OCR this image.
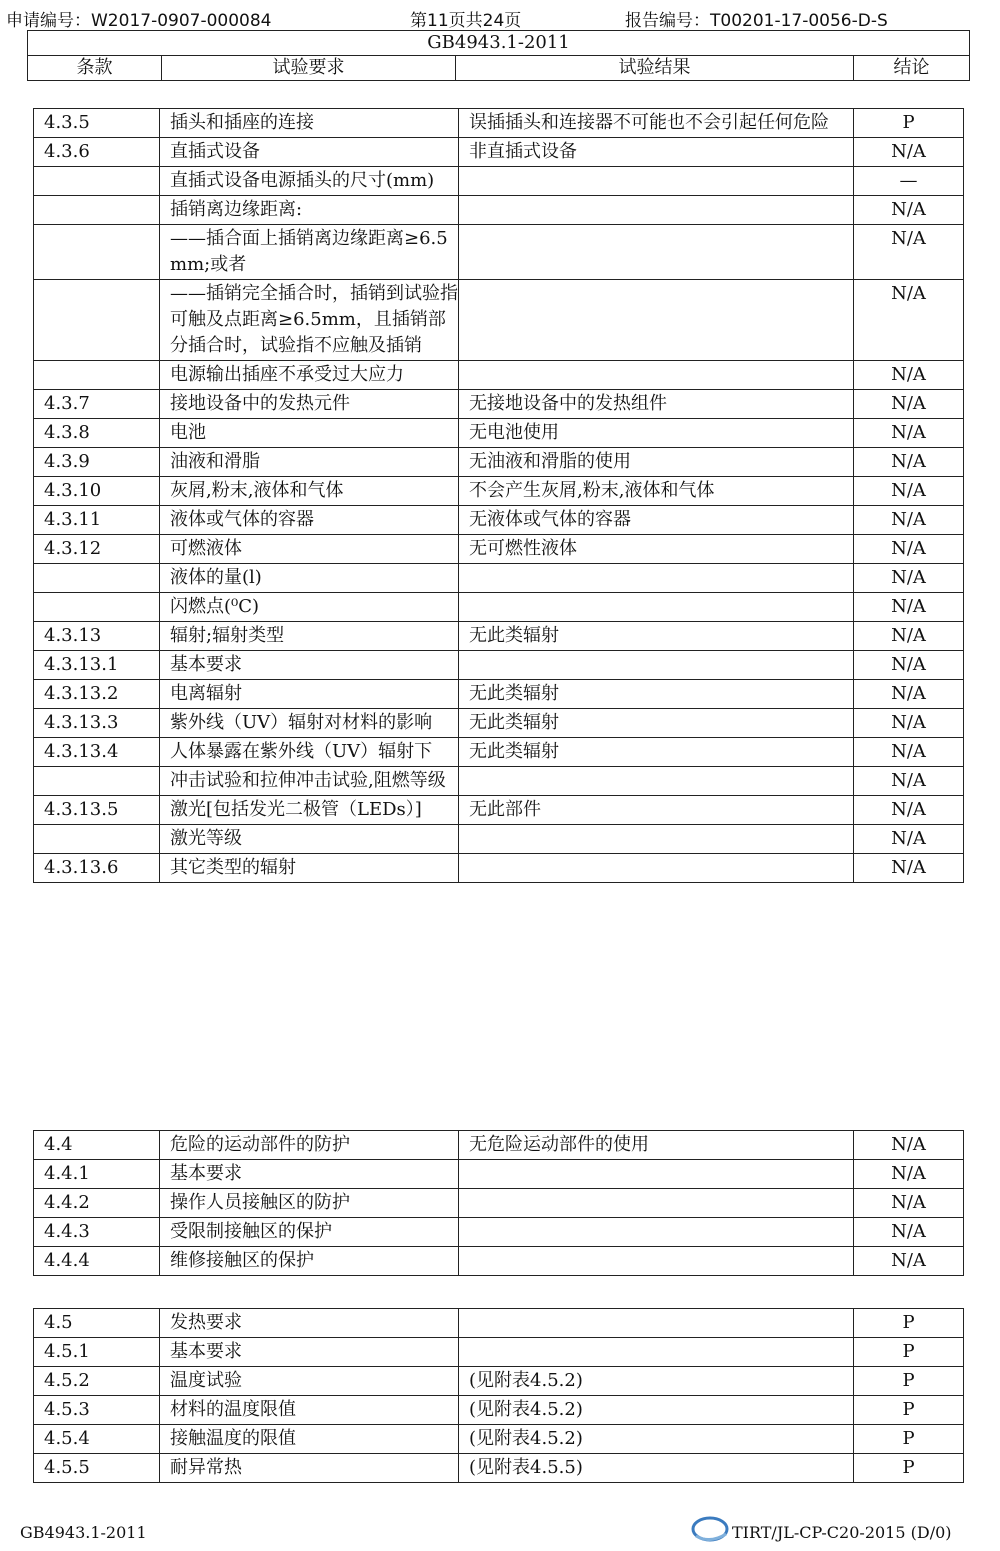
申请编号：W2017-0907-000084	第11页共24页	报告编号：T00201-17-0056-D-S
GB4943.1-2011
条款	试验要求	试验结果	结论
4.3.5	插头和插座的连接	误插插头和连接器不可能也不会引起任何危险	P
4.3.6	直插式设备	非直插式设备	N/A
	直插式设备电源插头的尺寸(mm)		—
	插销离边缘距离:		N/A
	——插合面上插销离边缘距离≥6.5mm;或者		N/A
	——插销完全插合时，插销到试验指可触及点距离≥6.5mm，且插销部分插合时，试验指不应触及插销		N/A
	电源输出插座不承受过大应力		N/A
4.3.7	接地设备中的发热元件	无接地设备中的发热组件	N/A
4.3.8	电池	无电池使用	N/A
4.3.9	油液和滑脂	无油液和滑脂的使用	N/A
4.3.10	灰屑,粉末,液体和气体	不会产生灰屑,粉末,液体和气体	N/A
4.3.11	液体或气体的容器	无液体或气体的容器	N/A
4.3.12	可燃液体	无可燃性液体	N/A
	液体的量(l)		N/A
	闪燃点(⁰C)		N/A
4.3.13	辐射;辐射类型	无此类辐射	N/A
4.3.13.1	基本要求		N/A
4.3.13.2	电离辐射	无此类辐射	N/A
4.3.13.3	紫外线（UV）辐射对材料的影响	无此类辐射	N/A
4.3.13.4	人体暴露在紫外线（UV）辐射下	无此类辐射	N/A
	冲击试验和拉伸冲击试验,阻燃等级		N/A
4.3.13.5	激光[包括发光二极管（LEDs）]	无此部件	N/A
	激光等级		N/A
4.3.13.6	其它类型的辐射		N/A
4.4	危险的运动部件的防护	无危险运动部件的使用	N/A
4.4.1	基本要求		N/A
4.4.2	操作人员接触区的防护		N/A
4.4.3	受限制接触区的保护		N/A
4.4.4	维修接触区的保护		N/A
4.5	发热要求		P
4.5.1	基本要求		P
4.5.2	温度试验	(见附表4.5.2)	P
4.5.3	材料的温度限值	(见附表4.5.2)	P
4.5.4	接触温度的限值	(见附表4.5.2)	P
4.5.5	耐异常热	(见附表4.5.5)	P
GB4943.1-2011	TIRT/JL-CP-C20-2015 (D/0)
